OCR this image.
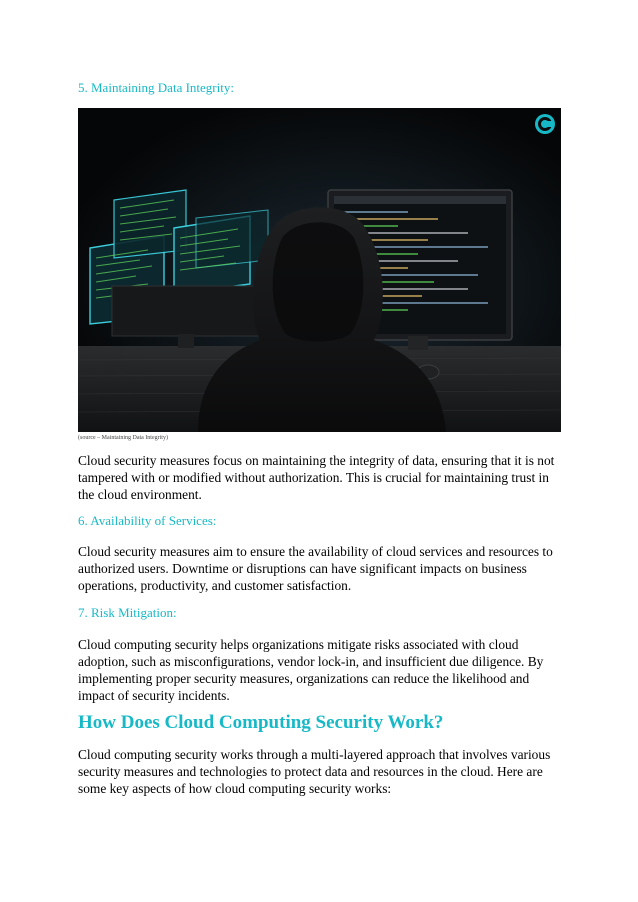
5. Maintaining Data Integrity:

(source – Maintaining Data Integrity)

Cloud security measures focus on maintaining the integrity of data, ensuring that it is not tampered with or modified without authorization. This is crucial for maintaining trust in the cloud environment.

6. Availability of Services:

Cloud security measures aim to ensure the availability of cloud services and resources to authorized users. Downtime or disruptions can have significant impacts on business operations, productivity, and customer satisfaction.

7. Risk Mitigation:

Cloud computing security helps organizations mitigate risks associated with cloud adoption, such as misconfigurations, vendor lock-in, and insufficient due diligence. By implementing proper security measures, organizations can reduce the likelihood and impact of security incidents.

How Does Cloud Computing Security Work?

Cloud computing security works through a multi-layered approach that involves various security measures and technologies to protect data and resources in the cloud. Here are some key aspects of how cloud computing security works:
